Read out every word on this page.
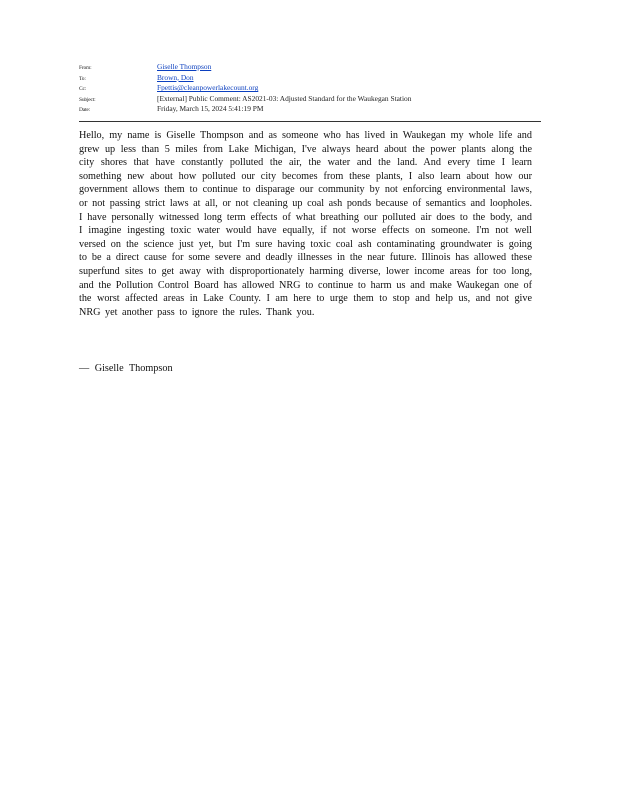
From:	Giselle Thompson
To:	Brown, Don
Cc:	Fpettis@cleanpowerlakecount.org
Subject:	[External] Public Comment: AS2021-03: Adjusted Standard for the Waukegan Station
Date:	Friday, March 15, 2024 5:41:19 PM
Hello, my name is Giselle Thompson and as someone who has lived in Waukegan my whole life and grew up less than 5 miles from Lake Michigan, I've always heard about the power plants along the city shores that have constantly polluted the air, the water and the land. And every time I learn something new about how polluted our city becomes from these plants, I also learn about how our government allows them to continue to disparage our community by not enforcing environmental laws, or not passing strict laws at all, or not cleaning up coal ash ponds because of semantics and loopholes. I have personally witnessed long term effects of what breathing our polluted air does to the body, and I imagine ingesting toxic water would have equally, if not worse effects on someone. I'm not well versed on the science just yet, but I'm sure having toxic coal ash contaminating groundwater is going to be a direct cause for some severe and deadly illnesses in the near future. Illinois has allowed these superfund sites to get away with disproportionately harming diverse, lower income areas for too long, and the Pollution Control Board has allowed NRG to continue to harm us and make Waukegan one of the worst affected areas in Lake County. I am here to urge them to stop and help us, and not give NRG yet another pass to ignore the rules. Thank you.
— Giselle Thompson
